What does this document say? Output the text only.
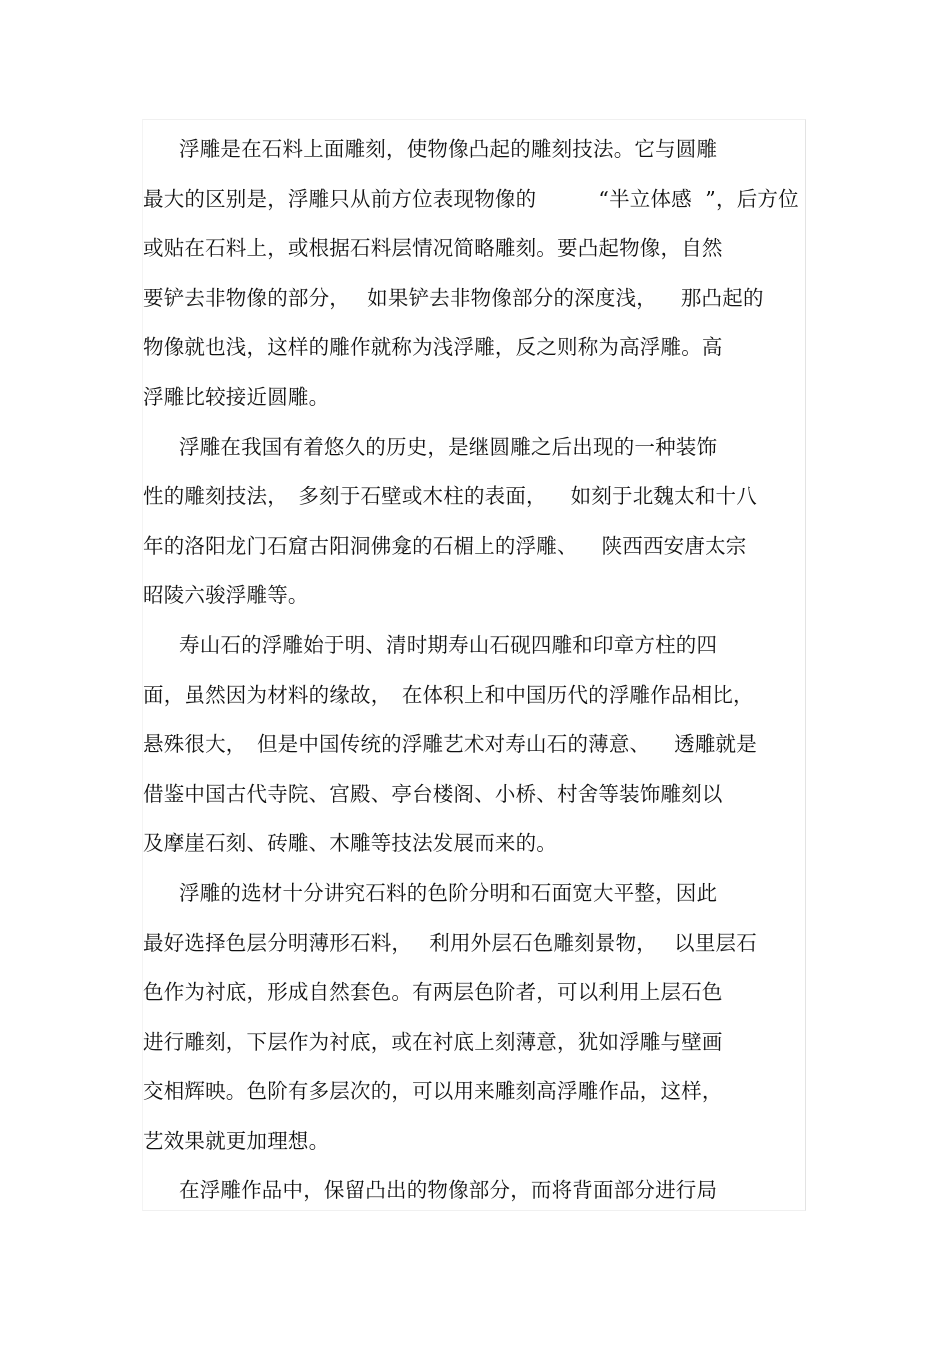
浮雕是在石料上面雕刻，使物像凸起的雕刻技法。它与圆雕
最大的区别是，浮雕只从前方位表现物像的　　　“半立体感  ”，后方位
或贴在石料上，或根据石料层情况简略雕刻。要凸起物像，自然
要铲去非物像的部分，　 如果铲去非物像部分的深度浅，　  那凸起的
物像就也浅，这样的雕作就称为浅浮雕，反之则称为高浮雕。高
浮雕比较接近圆雕。
浮雕在我国有着悠久的历史，是继圆雕之后出现的一种装饰
性的雕刻技法，　多刻于石壁或木柱的表面，　  如刻于北魏太和十八
年的洛阳龙门石窟古阳洞佛龛的石楣上的浮雕、　  陕西西安唐太宗
昭陵六骏浮雕等。
寿山石的浮雕始于明、清时期寿山石砚四雕和印章方柱的四
面，虽然因为材料的缘故，　在体积上和中国历代的浮雕作品相比，
悬殊很大，　但是中国传统的浮雕艺术对寿山石的薄意、　  透雕就是
借鉴中国古代寺院、宫殿、亭台楼阁、小桥、村舍等装饰雕刻以
及摩崖石刻、砖雕、木雕等技法发展而来的。
浮雕的选材十分讲究石料的色阶分明和石面宽大平整，因此
最好选择色层分明薄形石料，　 利用外层石色雕刻景物，　 以里层石
色作为衬底，形成自然套色。有两层色阶者，可以利用上层石色
进行雕刻，下层作为衬底，或在衬底上刻薄意，犹如浮雕与壁画
交相辉映。色阶有多层次的，可以用来雕刻高浮雕作品，这样，
艺效果就更加理想。
在浮雕作品中，保留凸出的物像部分，而将背面部分进行局
